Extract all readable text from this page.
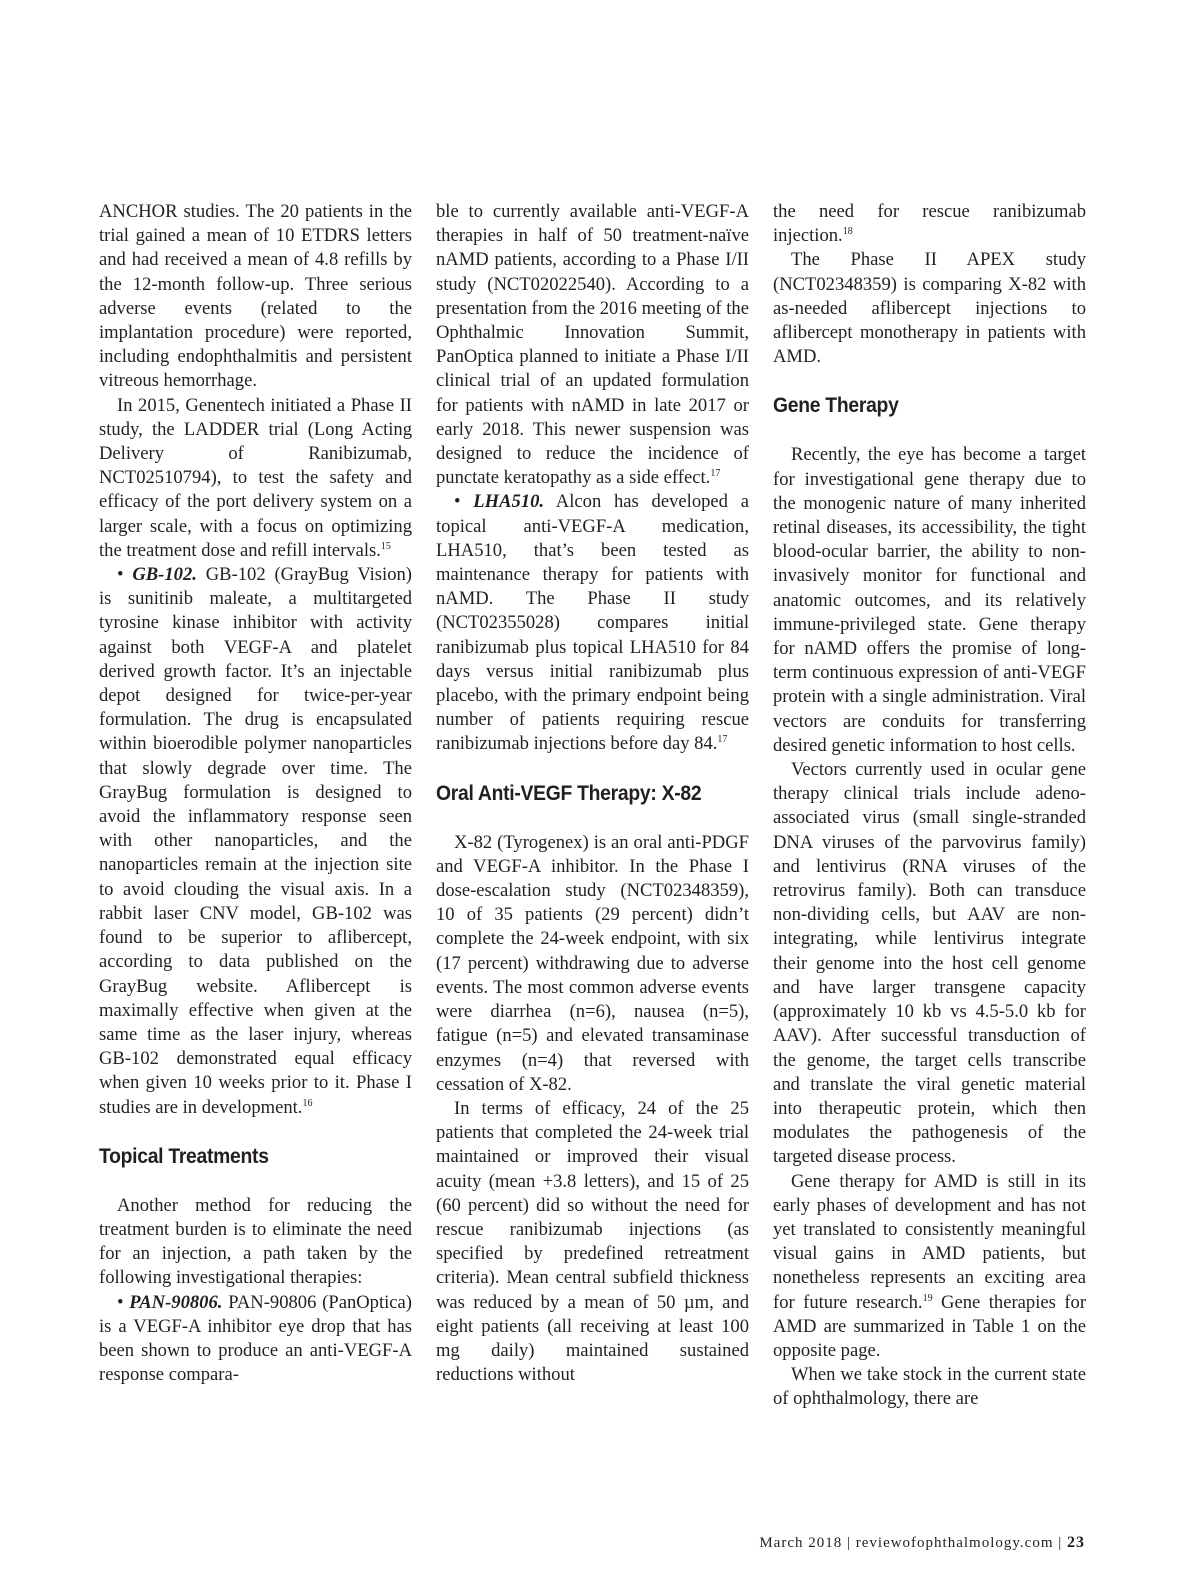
ANCHOR studies. The 20 patients in the trial gained a mean of 10 ETDRS letters and had received a mean of 4.8 refills by the 12-month follow-up. Three serious adverse events (related to the implantation procedure) were reported, including endophthalmitis and persistent vitreous hemorrhage.

In 2015, Genentech initiated a Phase II study, the LADDER trial (Long Acting Delivery of Ranibizumab, NCT02510794), to test the safety and efficacy of the port delivery system on a larger scale, with a focus on optimizing the treatment dose and refill intervals.$^{15}$

• GB-102. GB-102 (GrayBug Vision) is sunitinib maleate, a multitargeted tyrosine kinase inhibitor with activity against both VEGF-A and platelet derived growth factor. It’s an injectable depot designed for twice-per-year formulation. The drug is encapsulated within bioerodible polymer nanoparticles that slowly degrade over time. The GrayBug formulation is designed to avoid the inflammatory response seen with other nanoparticles, and the nanoparticles remain at the injection site to avoid clouding the visual axis. In a rabbit laser CNV model, GB-102 was found to be superior to aflibercept, according to data published on the GrayBug website. Aflibercept is maximally effective when given at the same time as the laser injury, whereas GB-102 demonstrated equal efficacy when given 10 weeks prior to it. Phase I studies are in development.$^{16}$

Topical Treatments

Another method for reducing the treatment burden is to eliminate the need for an injection, a path taken by the following investigational therapies:

• PAN-90806. PAN-90806 (PanOptica) is a VEGF-A inhibitor eye drop that has been shown to produce an anti-VEGF-A response compara-

ble to currently available anti-VEGF-A therapies in half of 50 treatment-naïve nAMD patients, according to a Phase I/II study (NCT02022540). According to a presentation from the 2016 meeting of the Ophthalmic Innovation Summit, PanOptica planned to initiate a Phase I/II clinical trial of an updated formulation for patients with nAMD in late 2017 or early 2018. This newer suspension was designed to reduce the incidence of punctate keratopathy as a side effect.$^{17}$

• LHA510. Alcon has developed a topical anti-VEGF-A medication, LHA510, that’s been tested as maintenance therapy for patients with nAMD. The Phase II study (NCT02355028) compares initial ranibizumab plus topical LHA510 for 84 days versus initial ranibizumab plus placebo, with the primary endpoint being number of patients requiring rescue ranibizumab injections before day 84.17

Oral Anti-VEGF Therapy: X-82

X-82 (Tyrogenex) is an oral anti-PDGF and VEGF-A inhibitor. In the Phase I dose-escalation study (NCT02348359), 10 of 35 patients (29 percent) didn’t complete the 24-week endpoint, with six (17 percent) withdrawing due to adverse events. The most common adverse events were diarrhea (n=6), nausea (n=5), fatigue (n=5) and elevated transaminase enzymes (n=4) that reversed with cessation of X-82.

In terms of efficacy, 24 of the 25 patients that completed the 24-week trial maintained or improved their visual acuity (mean +3.8 letters), and 15 of 25 (60 percent) did so without the need for rescue ranibizumab injections (as specified by predefined retreatment criteria). Mean central subfield thickness was reduced by a mean of 50 µm, and eight patients (all receiving at least 100 mg daily) maintained sustained reductions without

the need for rescue ranibizumab injection.$^{18}$

The Phase II APEX study (NCT02348359) is comparing X-82 with as-needed aflibercept injections to aflibercept monotherapy in patients with AMD.

Gene Therapy

Recently, the eye has become a target for investigational gene therapy due to the monogenic nature of many inherited retinal diseases, its accessibility, the tight blood-ocular barrier, the ability to non-invasively monitor for functional and anatomic outcomes, and its relatively immune-privileged state. Gene therapy for nAMD offers the promise of long-term continuous expression of anti-VEGF protein with a single administration. Viral vectors are conduits for transferring desired genetic information to host cells.

Vectors currently used in ocular gene therapy clinical trials include adeno-associated virus (small single-stranded DNA viruses of the parvovirus family) and lentivirus (RNA viruses of the retrovirus family). Both can transduce non-dividing cells, but AAV are non-integrating, while lentivirus integrate their genome into the host cell genome and have larger transgene capacity (approximately 10 kb vs 4.5-5.0 kb for AAV). After successful transduction of the genome, the target cells transcribe and translate the viral genetic material into therapeutic protein, which then modulates the pathogenesis of the targeted disease process.

Gene therapy for AMD is still in its early phases of development and has not yet translated to consistently meaningful visual gains in AMD patients, but nonetheless represents an exciting area for future research.$^{19}$ Gene therapies for AMD are summarized in Table 1 on the opposite page.

When we take stock in the current state of ophthalmology, there are

March 2018 | reviewofophthalmology.com | 23
